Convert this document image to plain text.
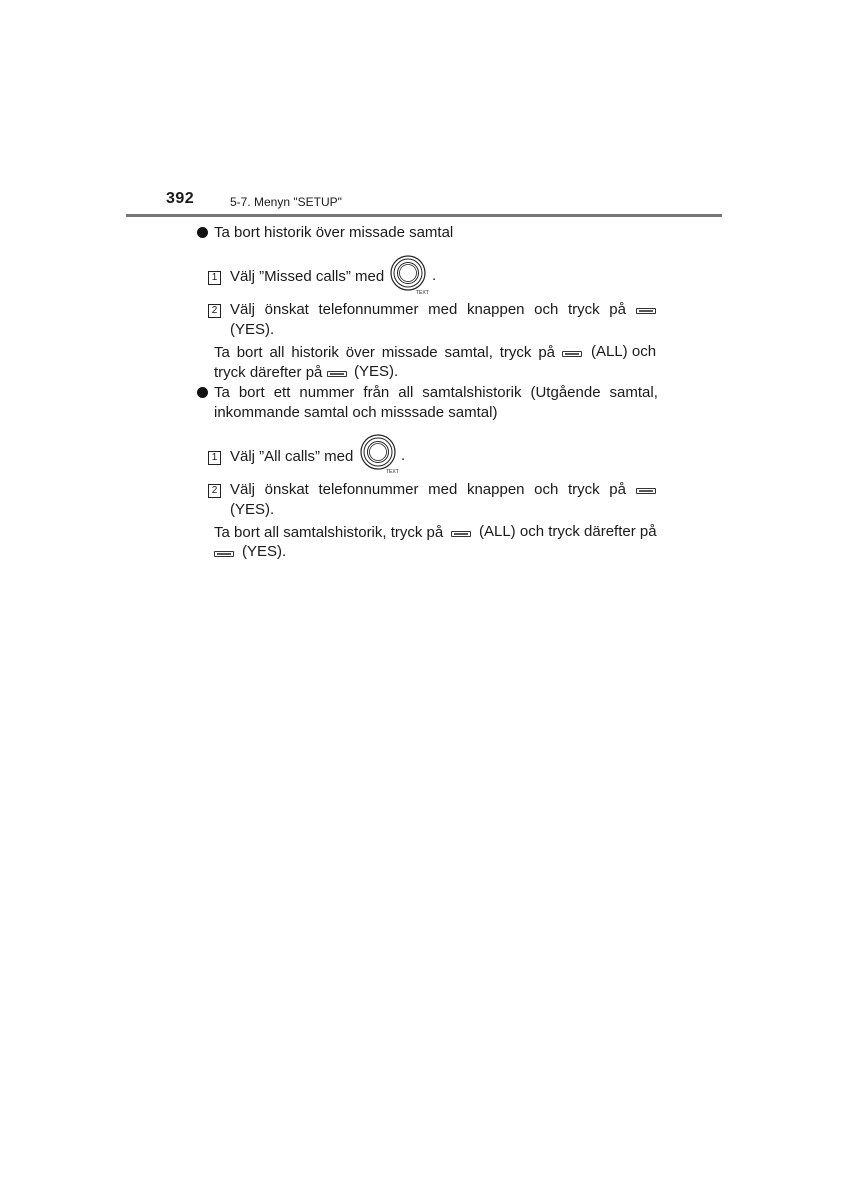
392	5-7. Menyn "SETUP"
Ta bort historik över missade samtal
1 Välj ”Missed calls” med
TEXT
.
2 Välj önskat telefonnummer med knappen och tryck på
(YES).
Ta bort all historik över missade samtal, tryck på (ALL) och
tryck därefter på (YES).
Ta bort ett nummer från all samtalshistorik (Utgående samtal,
inkommande samtal och misssade samtal)
1 Välj ”All calls” med
TEXT
.
2 Välj önskat telefonnummer med knappen och tryck på
(YES).
Ta bort all samtalshistorik, tryck på (ALL) och tryck därefter på
(YES).
